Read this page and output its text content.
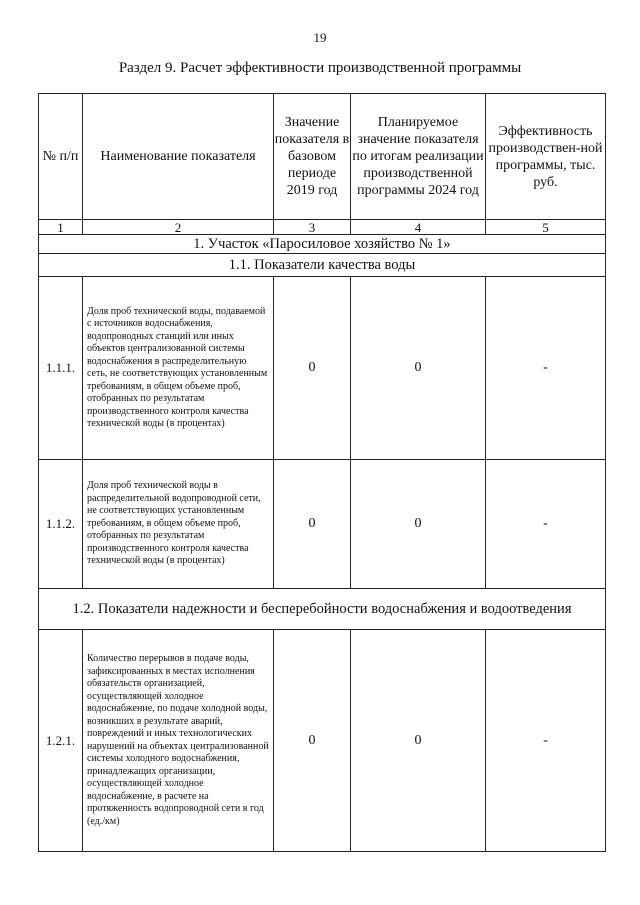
19
Раздел 9. Расчет эффективности производственной программы
№ п/п	Наименование показателя	Значение показателя в базовом периоде 2019 год	Планируемое значение показателя по итогам реализации производственной программы 2024 год	Эффективность производствен-ной программы, тыс. руб.
1	2	3	4	5
1. Участок «Паросиловое хозяйство № 1»				
1.1. Показатели качества воды				
1.1.1.	Доля проб технической воды, подаваемой с источников водоснабжения, водопроводных станций или иных объектов централизованной системы водоснабжения в распределительную сеть, не соответствующих установленным требованиям, в общем объеме проб, отобранных по результатам производственного контроля качества технической воды (в процентах)	0	0	-
1.1.2.	Доля проб технической воды в распределительной водопроводной сети, не соответствующих установленным требованиям, в общем объеме проб, отобранных по результатам производственного контроля качества технической воды (в процентах)	0	0	-
1.2. Показатели надежности и бесперебойности водоснабжения и водоотведения				
1.2.1.	Количество перерывов в подаче воды, зафиксированных в местах исполнения обязательств организацией, осуществляющей холодное водоснабжение, по подаче холодной воды, возникших в результате аварий, повреждений и иных технологических нарушений на объектах централизованной системы холодного водоснабжения, принадлежащих организации, осуществляющей холодное водоснабжение, в расчете на протяженность водопроводной сети в год (ед./км)	0	0	-
